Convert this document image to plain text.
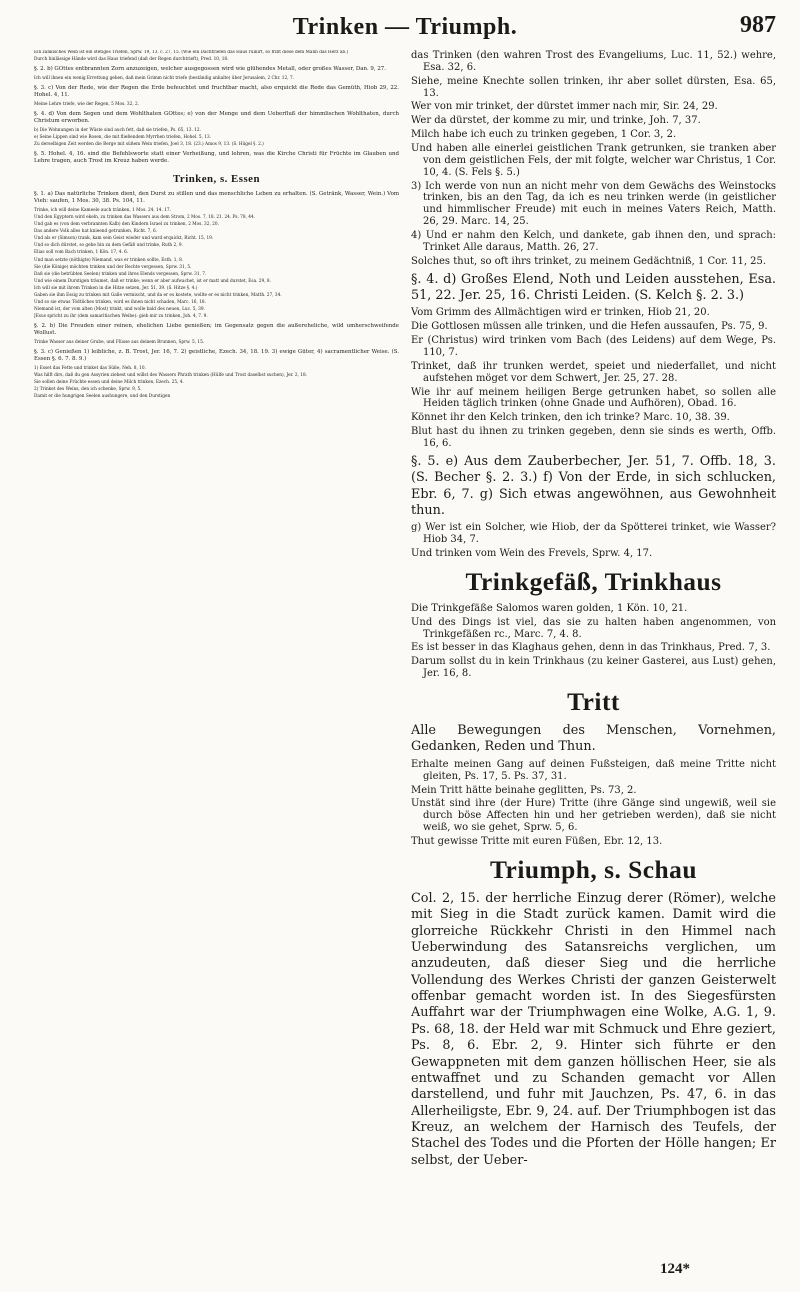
Trinken — Triumph.	987
Ein zänkisches Weib ist ein stetiges Triefen, Sprw. 19, 13. c. 27, 15. (Wie ein Dachtriefen das Haus ruinirt, so frißt diese dem Mann das Herz ab.)
Durch hinlässige Hände wird das Haus triefend (daß der Regen durchtrieft), Pred. 10, 18.
§. 2. b) GOttes entbrannten Zorn anzuzeigen, welcher ausgegossen wird wie glühendes Metall, oder großes Wasser, Dan. 9, 27.
Ich will ihnen ein wenig Errettung geben, daß mein Grimm nicht triefe (beständig anhalte) über Jerusalem, 2 Chr. 12, 7.
§. 3. c) Von der Rede, wie der Regen die Erde befeuchtet und fruchtbar macht, also erquickt die Rede das Gemüth, Hiob 29, 22. Hohel. 4, 11.
Meine Lehre triefe, wie der Regen, 5 Mos. 32, 2.
§. 4. d) Von dem Segen und dem Wohlthaten GOttes; e) von der Menge und dem Ueberfluß der himmlischen Wohlthaten, durch Christum erworben.
b) Die Wohnungen in der Wüste sind auch fett, daß sie triefen, Ps. 65, 13. 12.
e) Seine Lippen sind wie Rosen, die mit fließendem Myrrhen triefen, Hohel. 5, 13.
Zu derselbigen Zeit werden die Berge mit süßem Wein triefen, Joel 3, 18. (23.) Amos 9, 13. (S. Hügel §. 2.)
§. 5. Hohel. 4, 16. sind die Befehlsworte statt einer Verheißung, und lehren, was die Kirche Christi für Früchte im Glauben und Lehre tragen, auch Trost im Kreuz haben werde.
Trinken, s. Essen
§. 1. a) Das natürliche Trinken dient, den Durst zu stillen und das menschliche Leben zu erhalten. (S. Getränk, Wasser, Wein.) Vom Vieh: saufen, 1 Mos. 30, 38. Ps. 104, 11.
Trinke, ich will deine Kameele auch tränken, 1 Mos. 24, 14. 17.
Und den Egyptern wird ekeln, zu trinken das Wassers aus dem Strom, 2 Mos. 7, 18. 21. 24. Ps. 78, 44.
Und gab es (von dem verbrannten Kalb) den Kindern Israel zu trinken, 2 Mos. 32, 20.
Das andere Volk alles hat knieend getrunken, Richt. 7, 6.
Und als er (Simson) trank, kam sein Geist wieder und ward erquickt, Richt. 15, 19.
Und so dich dürstet, so gehe hin zu dem Gefäß und trinke, Ruth 2, 9.
Elias soll vom Bach trinken, 1 Kön. 17, 4. 6.
Und man setzte (nöthigte) Niemand, was er trinken sollte, Esth. 1, 8.
Sie (die Könige) möchten trinken und der Rechte vergessen, Sprw. 31, 5.
Daß sie (die betrübten Seelen) trinken und ihres Elends vergessen, Sprw. 31, 7.
Und wie einem Durstigen träumet, daß er trinke; wenn er aber aufwachet, ist er matt und durstet, Esa. 29, 8.
Ich will sie mit ihrem Trinken in die Hitze setzen, Jer. 51, 39. (S. Hitze §. 4.)
Gaben sie ihm Essig zu trinken mit Galle vermischt, und da er es kostete, wollte er es nicht trinken, Matth. 27, 34.
Und so sie etwas Tödtliches trinken, wird es ihnen nicht schaden, Marc. 16, 18.
Niemand ist, der vom alten (Most) trinkt, und wolle bald des neuen, Luc. 5, 39.
JEsus spricht zu ihr (dem samaritischen Weibe): gieb mir zu trinken, Joh. 4, 7. 9.
§. 2. b) Die Freuden einer reinen, ehelichen Liebe genießen; im Gegensatz gegen die außereheliche, wild umherschweifende Wollust.
Trinke Wasser aus deiner Grube, und Flüsse aus deinem Brunnen, Sprw. 5, 15.
§. 3. c) Genießen 1) leibliche, z. B. Trost, Jer. 16, 7. 2) geistliche, Ezech. 34, 18. 19. 3) ewige Güter, 4) sacramentlicher Weise. (S. Essen §. 6. 7. 8. 9.)
1) Esset das Fette und trinket das Süße, Neh. 8, 10.
Was hilft dirs, daß du gen Assyrien ziehest und willst des Wassers Phrath trinken (Hülfe und Trost daselbst suchen), Jer. 2, 18.
Sie sollen deine Früchte essen und deine Milch trinken, Ezech. 25, 4.
2) Trinket des Weins, den ich schenke, Sprw. 9, 5.
Damit er die hungrigen Seelen aushungere, und den Durstigen
das Trinken (den wahren Trost des Evangeliums, Luc. 11, 52.) wehre, Esa. 32, 6.
Siehe, meine Knechte sollen trinken, ihr aber sollet dürsten, Esa. 65, 13.
Wer von mir trinket, der dürstet immer nach mir, Sir. 24, 29.
Wer da dürstet, der komme zu mir, und trinke, Joh. 7, 37.
Milch habe ich euch zu trinken gegeben, 1 Cor. 3, 2.
Und haben alle einerlei geistlichen Trank getrunken, sie tranken aber von dem geistlichen Fels, der mit folgte, welcher war Christus, 1 Cor. 10, 4. (S. Fels §. 5.)
3) Ich werde von nun an nicht mehr von dem Gewächs des Weinstocks trinken, bis an den Tag, da ich es neu trinken werde (in geistlicher und himmlischer Freude) mit euch in meines Vaters Reich, Matth. 26, 29. Marc. 14, 25.
4) Und er nahm den Kelch, und dankete, gab ihnen den, und sprach: Trinket Alle daraus, Matth. 26, 27.
Solches thut, so oft ihrs trinket, zu meinem Gedächtniß, 1 Cor. 11, 25.
§. 4. d) Großes Elend, Noth und Leiden ausstehen, Esa. 51, 22. Jer. 25, 16. Christi Leiden. (S. Kelch §. 2. 3.)
Vom Grimm des Allmächtigen wird er trinken, Hiob 21, 20.
Die Gottlosen müssen alle trinken, und die Hefen aussaufen, Ps. 75, 9.
Er (Christus) wird trinken vom Bach (des Leidens) auf dem Wege, Ps. 110, 7.
Trinket, daß ihr trunken werdet, speiet und niederfallet, und nicht aufstehen möget vor dem Schwert, Jer. 25, 27. 28.
Wie ihr auf meinem heiligen Berge getrunken habet, so sollen alle Heiden täglich trinken (ohne Gnade und Aufhören), Obad. 16.
Könnet ihr den Kelch trinken, den ich trinke? Marc. 10, 38. 39.
Blut hast du ihnen zu trinken gegeben, denn sie sinds es werth, Offb. 16, 6.
§. 5. e) Aus dem Zauberbecher, Jer. 51, 7. Offb. 18, 3. (S. Becher §. 2. 3.) f) Von der Erde, in sich schlucken, Ebr. 6, 7. g) Sich etwas angewöhnen, aus Gewohnheit thun.
g) Wer ist ein Solcher, wie Hiob, der da Spötterei trinket, wie Wasser? Hiob 34, 7.
Und trinken vom Wein des Frevels, Sprw. 4, 17.
Trinkgefäß, Trinkhaus
Die Trinkgefäße Salomos waren golden, 1 Kön. 10, 21.
Und des Dings ist viel, das sie zu halten haben angenommen, von Trinkgefäßen rc., Marc. 7, 4. 8.
Es ist besser in das Klaghaus gehen, denn in das Trinkhaus, Pred. 7, 3.
Darum sollst du in kein Trinkhaus (zu keiner Gasterei, aus Lust) gehen, Jer. 16, 8.
Tritt
Alle Bewegungen des Menschen, Vornehmen, Gedanken, Reden und Thun.
Erhalte meinen Gang auf deinen Fußsteigen, daß meine Tritte nicht gleiten, Ps. 17, 5. Ps. 37, 31.
Mein Tritt hätte beinahe geglitten, Ps. 73, 2.
Unstät sind ihre (der Hure) Tritte (ihre Gänge sind ungewiß, weil sie durch böse Affecten hin und her getrieben werden), daß sie nicht weiß, wo sie gehet, Sprw. 5, 6.
Thut gewisse Tritte mit euren Füßen, Ebr. 12, 13.
Triumph, s. Schau
Col. 2, 15. der herrliche Einzug derer (Römer), welche mit Sieg in die Stadt zurück kamen. Damit wird die glorreiche Rückkehr Christi in den Himmel nach Ueberwindung des Satansreichs verglichen, um anzudeuten, daß dieser Sieg und die herrliche Vollendung des Werkes Christi der ganzen Geisterwelt offenbar gemacht worden ist. In des Siegesfürsten Auffahrt war der Triumphwagen eine Wolke, A.G. 1, 9. Ps. 68, 18. der Held war mit Schmuck und Ehre geziert, Ps. 8, 6. Ebr. 2, 9. Hinter sich führte er den Gewappneten mit dem ganzen höllischen Heer, sie als entwaffnet und zu Schanden gemacht vor Allen darstellend, und fuhr mit Jauchzen, Ps. 47, 6. in das Allerheiligste, Ebr. 9, 24. auf. Der Triumphbogen ist das Kreuz, an welchem der Harnisch des Teufels, der Stachel des Todes und die Pforten der Hölle hangen; Er selbst, der Ueber-
124*
